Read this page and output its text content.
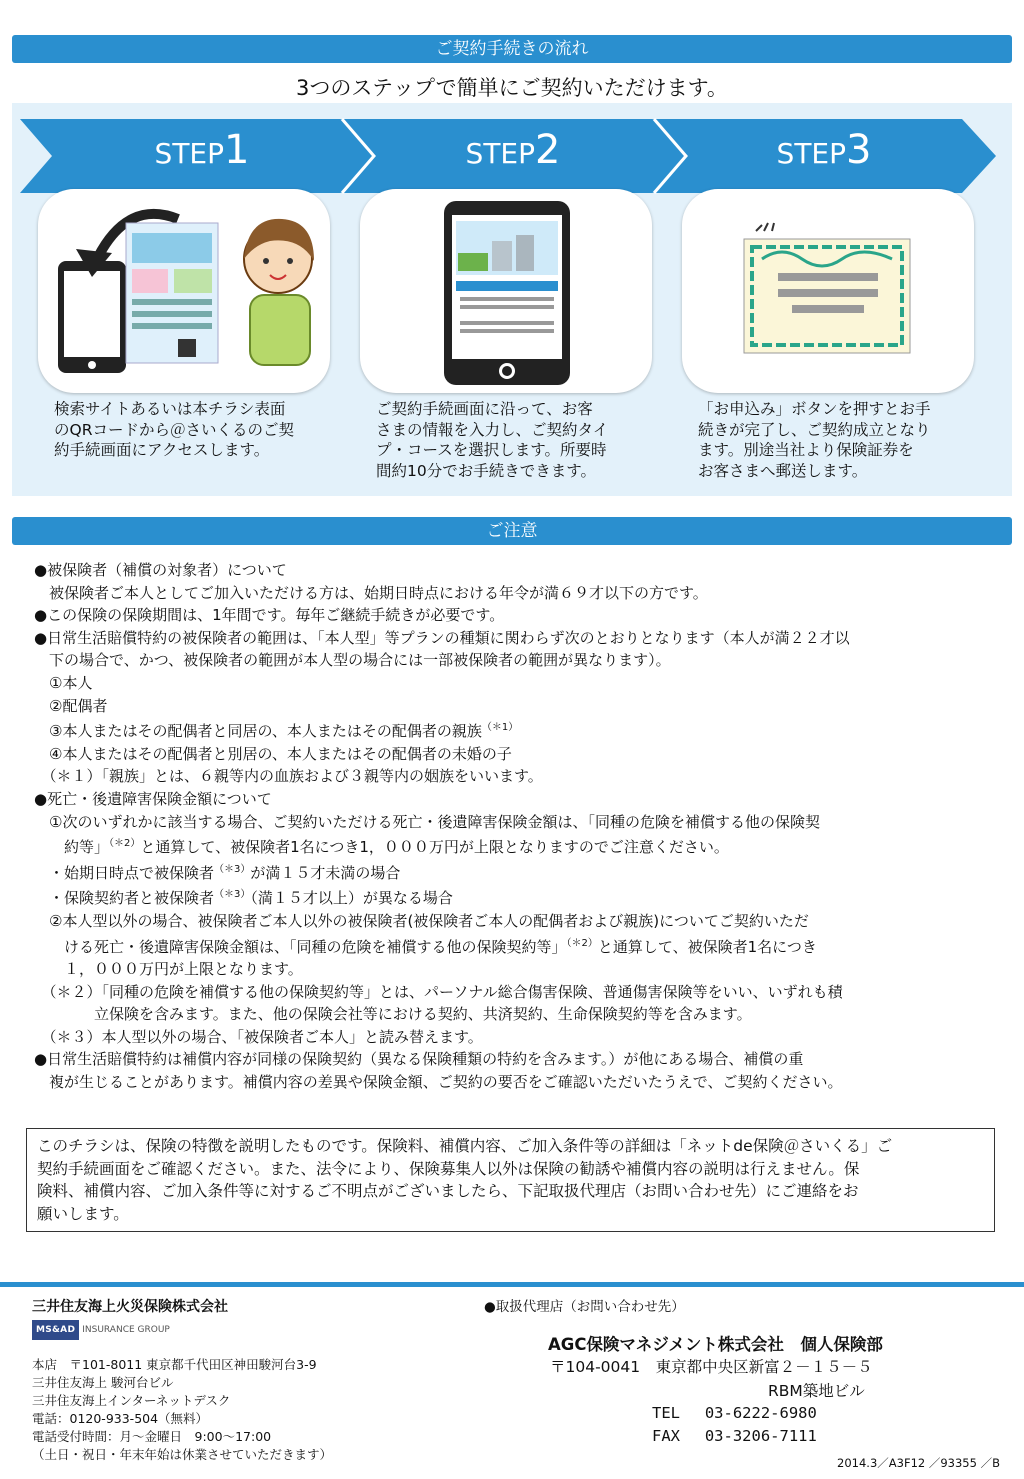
ご契約手続きの流れ
3つのステップで簡単にご契約いただけます。
STEP1	STEP2	STEP3
検索サイトあるいは本チラシ表面
のQRコードから＠さいくるのご契
約手続画面にアクセスします。
ご契約手続画面に沿って、お客
さまの情報を入力し、ご契約タイ
プ・コースを選択します。所要時
間約10分でお手続きできます。
「お申込み」ボタンを押すとお手
続きが完了し、ご契約成立となり
ます。別途当社より保険証券を
お客さまへ郵送します。
ご注意
●被保険者（補償の対象者）について
　被保険者ご本人としてご加入いただける方は、始期日時点における年令が満６９才以下の方です。
●この保険の保険期間は、1年間です。毎年ご継続手続きが必要です。
●日常生活賠償特約の被保険者の範囲は、「本人型」等プランの種類に関わらず次のとおりとなります（本人が満２２才以
　下の場合で、かつ、被保険者の範囲が本人型の場合には一部被保険者の範囲が異なります）。
　①本人
　②配偶者
　③本人またはその配偶者と同居の、本人またはその配偶者の親族$^{(*1)}$
　④本人またはその配偶者と別居の、本人またはその配偶者の未婚の子
　（＊１）「親族」とは、６親等内の血族および３親等内の姻族をいいます。
●死亡・後遺障害保険金額について
　①次のいずれかに該当する場合、ご契約いただける死亡・後遺障害保険金額は、「同種の危険を補償する他の保険契
　　約等」$^{(*2)}$と通算して、被保険者1名につき1，０００万円が上限となりますのでご注意ください。
　・始期日時点で被保険者$^{(*3)}$が満１５才未満の場合
　・保険契約者と被保険者$^{(*3)}$（満１５才以上）が異なる場合
　②本人型以外の場合、被保険者ご本人以外の被保険者(被保険者ご本人の配偶者および親族)についてご契約いただ
　　ける死亡・後遺障害保険金額は、「同種の危険を補償する他の保険契約等」$^{(*2)}$と通算して、被保険者1名につき
　　１，０００万円が上限となります。
　（＊２）「同種の危険を補償する他の保険契約等」とは、パーソナル総合傷害保険、普通傷害保険等をいい、いずれも積
　　　　立保険を含みます。また、他の保険会社等における契約、共済契約、生命保険契約等を含みます。
　（＊３）本人型以外の場合、「被保険者ご本人」と読み替えます。
●日常生活賠償特約は補償内容が同様の保険契約（異なる保険種類の特約を含みます。）が他にある場合、補償の重
　複が生じることがあります。補償内容の差異や保険金額、ご契約の要否をご確認いただいたうえで、ご契約ください。
このチラシは、保険の特徴を説明したものです。保険料、補償内容、ご加入条件等の詳細は「ネットde保険＠さいくる」ご
契約手続画面をご確認ください。また、法令により、保険募集人以外は保険の勧誘や補償内容の説明は行えません。保
険料、補償内容、ご加入条件等に対するご不明点がございましたら、下記取扱代理店（お問い合わせ先）にご連絡をお
願いします。
三井住友海上火災保険株式会社
MS&AD INSURANCE GROUP
本店　〒101-8011 東京都千代田区神田駿河台3-9
三井住友海上 駿河台ビル
三井住友海上インターネットデスク
電話：0120-933-504（無料）
電話受付時間：月～金曜日　9:00～17:00
（土日・祝日・年末年始は休業させていただきます）
●取扱代理店（お問い合わせ先）
AGC保険マネジメント株式会社　個人保険部
〒104-0041　東京都中央区新富２－１５－５
RBM築地ビル
TEL　 03-6222-6980
FAX　 03-3206-7111
2014.3／A3F12 ／93355 ／B
